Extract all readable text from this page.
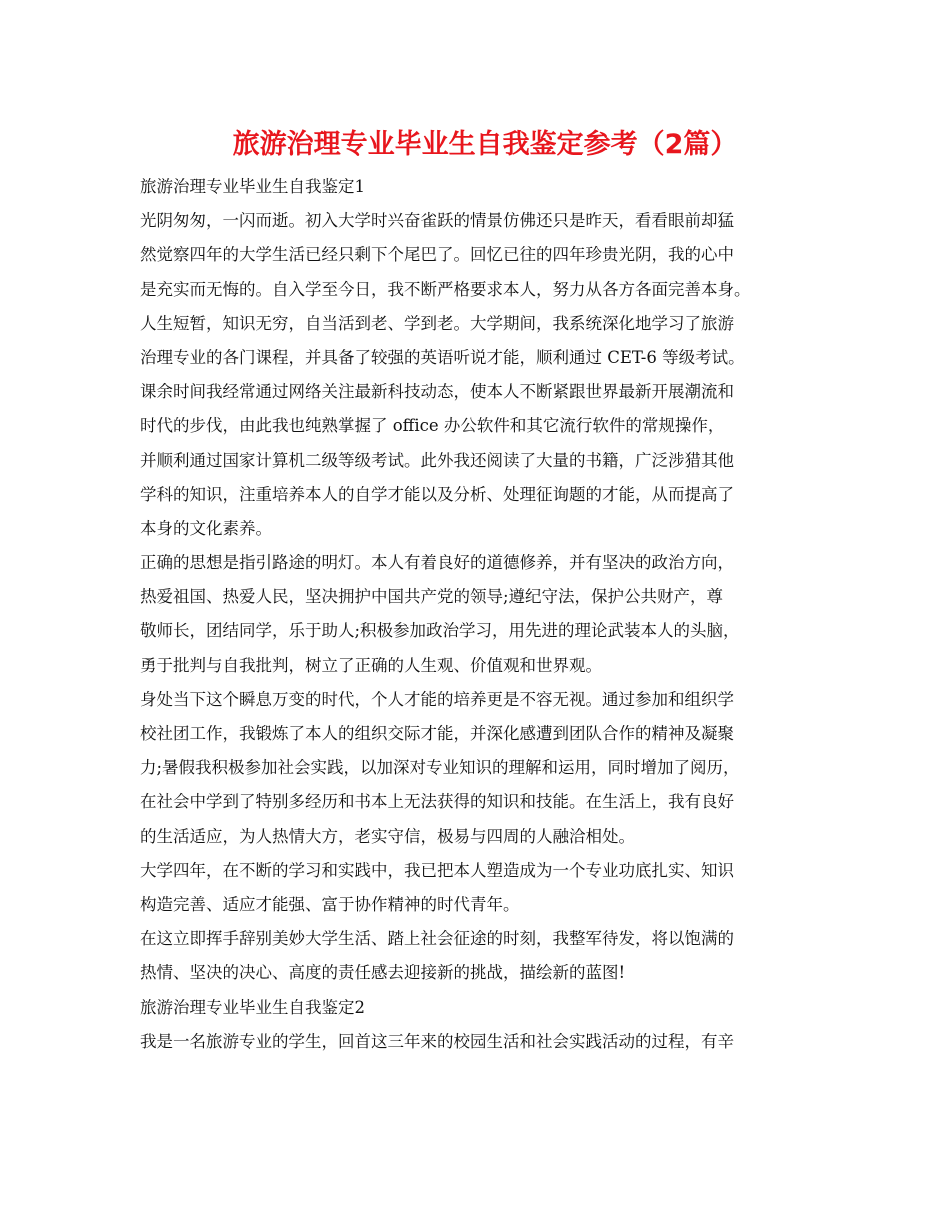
旅游治理专业毕业生自我鉴定参考（2篇）

旅游治理专业毕业生自我鉴定1

光阴匆匆，一闪而逝。初入大学时兴奋雀跃的情景仿佛还只是昨天，看看眼前却猛

然觉察四年的大学生活已经只剩下个尾巴了。回忆已往的四年珍贵光阴，我的心中

是充实而无悔的。自入学至今日，我不断严格要求本人，努力从各方各面完善本身。

人生短暂，知识无穷，自当活到老、学到老。大学期间，我系统深化地学习了旅游

治理专业的各门课程，并具备了较强的英语听说才能，顺利通过 CET-6 等级考试。

课余时间我经常通过网络关注最新科技动态，使本人不断紧跟世界最新开展潮流和

时代的步伐，由此我也纯熟掌握了 office 办公软件和其它流行软件的常规操作，

并顺利通过国家计算机二级等级考试。此外我还阅读了大量的书籍，广泛涉猎其他

学科的知识，注重培养本人的自学才能以及分析、处理征询题的才能，从而提高了

本身的文化素养。

正确的思想是指引路途的明灯。本人有着良好的道德修养，并有坚决的政治方向，

热爱祖国、热爱人民，坚决拥护中国共产党的领导;遵纪守法，保护公共财产，尊

敬师长，团结同学，乐于助人;积极参加政治学习，用先进的理论武装本人的头脑，

勇于批判与自我批判，树立了正确的人生观、价值观和世界观。

身处当下这个瞬息万变的时代，个人才能的培养更是不容无视。通过参加和组织学

校社团工作，我锻炼了本人的组织交际才能，并深化感遭到团队合作的精神及凝聚

力;暑假我积极参加社会实践，以加深对专业知识的理解和运用，同时增加了阅历，

在社会中学到了特别多经历和书本上无法获得的知识和技能。在生活上，我有良好

的生活适应，为人热情大方，老实守信，极易与四周的人融洽相处。

大学四年，在不断的学习和实践中，我已把本人塑造成为一个专业功底扎实、知识

构造完善、适应才能强、富于协作精神的时代青年。

在这立即挥手辞别美妙大学生活、踏上社会征途的时刻，我整军待发，将以饱满的

热情、坚决的决心、高度的责任感去迎接新的挑战，描绘新的蓝图!

旅游治理专业毕业生自我鉴定2

我是一名旅游专业的学生，回首这三年来的校园生活和社会实践活动的过程，有辛
